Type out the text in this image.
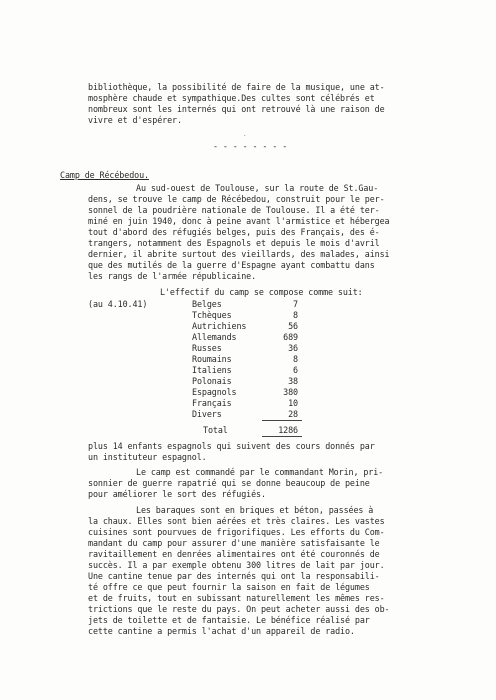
bibliothèque, la possibilité de faire de la musique, une at-
mosphère chaude et sympathique.Des cultes sont célébrés et
nombreux sont les internés qui ont retrouvé là une raison de
vivre et d'espérer.
.
- - - - - - - -
Camp de Récébedou.
Au sud-ouest de Toulouse, sur la route de St.Gau-
dens, se trouve le camp de Récébedou, construit pour le per-
sonnel de la poudrière nationale de Toulouse. Il a été ter-
miné en juin 1940, donc à peine avant l'armistice et hébergea
tout d'abord des réfugiés belges, puis des Français, des é-
trangers, notamment des Espagnols et depuis le mois d'avril
dernier, il abrite surtout des vieillards, des malades, ainsi
que des mutilés de la guerre d'Espagne ayant combattu dans
les rangs de l'armée républicaine.
L'effectif du camp se compose comme suit:
(au 4.10.41)	Belges	7
Tchèques	8
Autrichiens	56
Allemands	689
Russes	36
Roumains	8
Italiens	6
Polonais	38
Espagnols	380
Français	10
Divers	28
Total	1286
plus 14 enfants espagnols qui suivent des cours donnés par
un instituteur espagnol.
Le camp est commandé par le commandant Morin, pri-
sonnier de guerre rapatrié qui se donne beaucoup de peine
pour améliorer le sort des réfugiés.
Les baraques sont en briques et béton, passées à
la chaux. Elles sont bien aérées et très claires. Les vastes
cuisines sont pourvues de frigorifiques. Les efforts du Com-
mandant du camp pour assurer d'une manière satisfaisante le
ravitaillement en denrées alimentaires ont été couronnés de
succès. Il a par exemple obtenu 300 litres de lait par jour.
Une cantine tenue par des internés qui ont la responsabili-
té offre ce que peut fournir la saison en fait de légumes
et de fruits, tout en subissant naturellement les mêmes res-
trictions que le reste du pays. On peut acheter aussi des ob-
jets de toilette et de fantaisie. Le bénéfice réalisé par
cette cantine a permis l'achat d'un appareil de radio.
